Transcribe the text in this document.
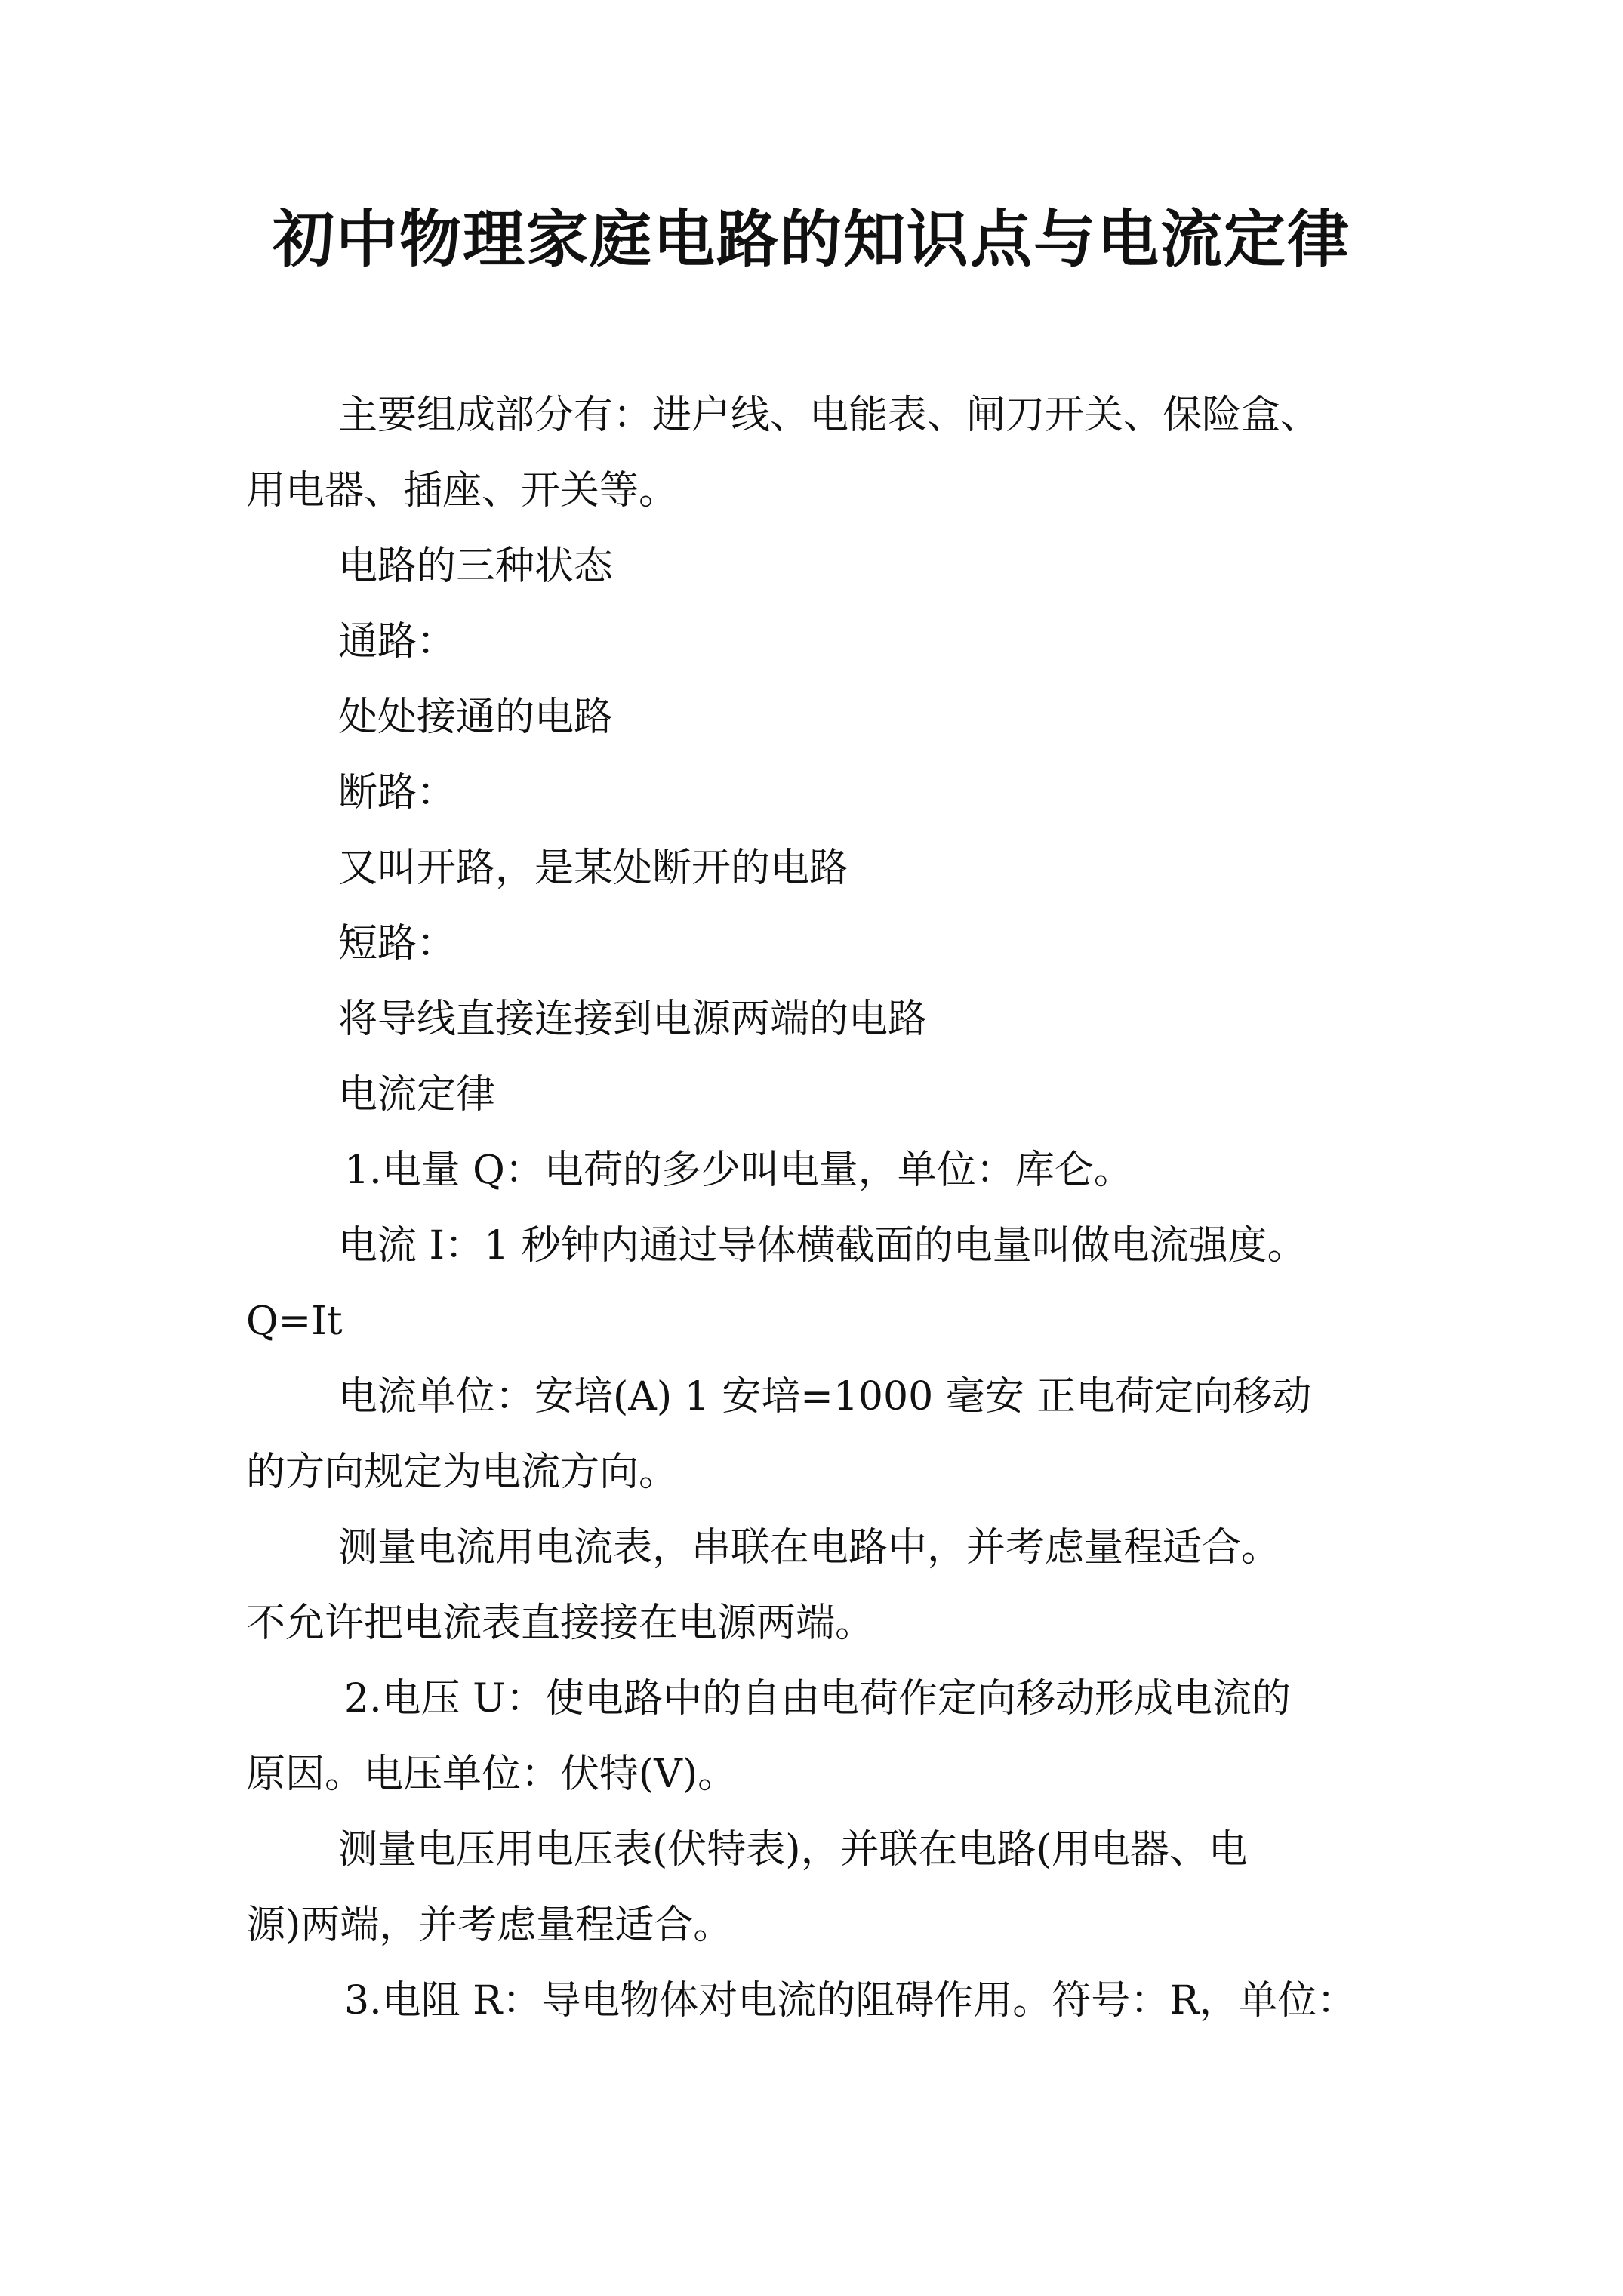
初中物理家庭电路的知识点与电流定律
主要组成部分有：进户线、电能表、闸刀开关、保险盒、
用电器、插座、开关等。
电路的三种状态
通路：
处处接通的电路
断路：
又叫开路，是某处断开的电路
短路：
将导线直接连接到电源两端的电路
电流定律
1.电量 Q：电荷的多少叫电量，单位：库仑。
电流 I：1 秒钟内通过导体横截面的电量叫做电流强度。
Q=It
电流单位：安培(A) 1 安培=1000 毫安 正电荷定向移动
的方向规定为电流方向。
测量电流用电流表，串联在电路中，并考虑量程适合。
不允许把电流表直接接在电源两端。
2.电压 U：使电路中的自由电荷作定向移动形成电流的
原因。电压单位：伏特(V)。
测量电压用电压表(伏特表)，并联在电路(用电器、电
源)两端，并考虑量程适合。
3.电阻 R：导电物体对电流的阻碍作用。符号：R，单位：
